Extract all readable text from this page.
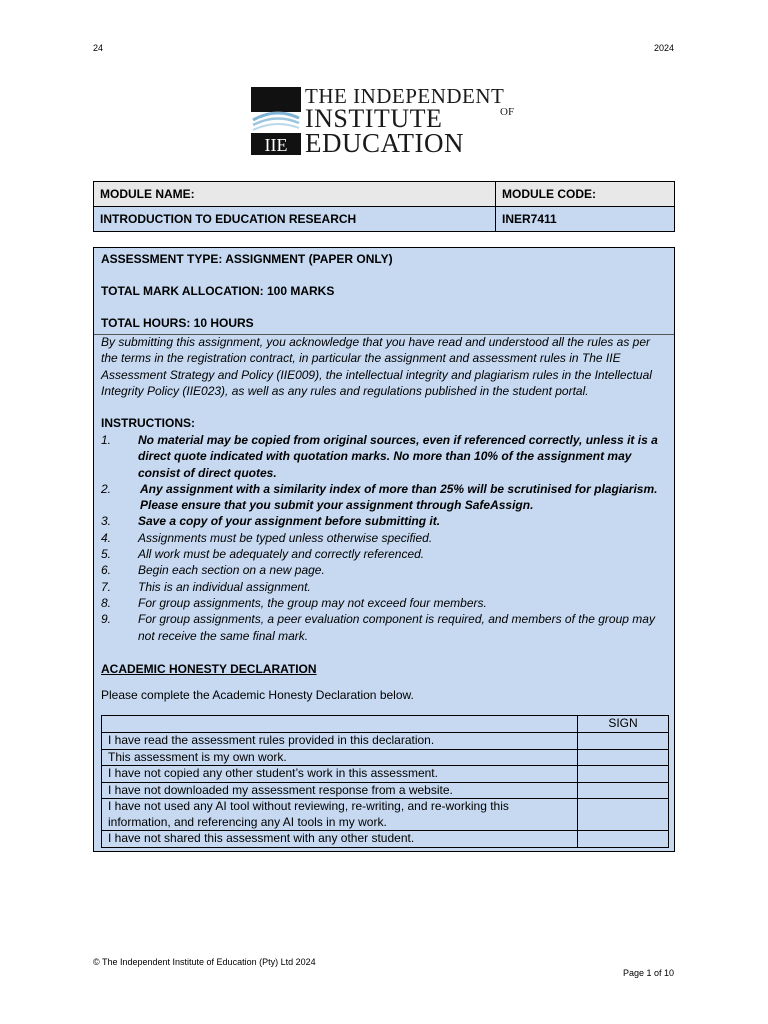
24	2024
IIE
THE INDEPENDENT
INSTITUTE	OF
EDUCATION
MODULE NAME:	MODULE CODE:
INTRODUCTION TO EDUCATION RESEARCH	INER7411
ASSESSMENT TYPE: ASSIGNMENT (PAPER ONLY)
TOTAL MARK ALLOCATION: 100 MARKS
TOTAL HOURS: 10 HOURS
By submitting this assignment, you acknowledge that you have read and understood all the rules as per the terms in the registration contract, in particular the assignment and assessment rules in The IIE Assessment Strategy and Policy (IIE009), the intellectual integrity and plagiarism rules in the Intellectual Integrity Policy (IIE023), as well as any rules and regulations published in the student portal.
INSTRUCTIONS:
1.	No material may be copied from original sources, even if referenced correctly, unless it is a direct quote indicated with quotation marks. No more than 10% of the assignment may consist of direct quotes.
2.	Any assignment with a similarity index of more than 25% will be scrutinised for plagiarism. Please ensure that you submit your assignment through SafeAssign.
3.	Save a copy of your assignment before submitting it.
4.	Assignments must be typed unless otherwise specified.
5.	All work must be adequately and correctly referenced.
6.	Begin each section on a new page.
7.	This is an individual assignment.
8.	For group assignments, the group may not exceed four members.
9.	For group assignments, a peer evaluation component is required, and members of the group may not receive the same final mark.
ACADEMIC HONESTY DECLARATION
Please complete the Academic Honesty Declaration below.
	SIGN
I have read the assessment rules provided in this declaration.	
This assessment is my own work.	
I have not copied any other student’s work in this assessment.	
I have not downloaded my assessment response from a website.	
I have not used any AI tool without reviewing, re-writing, and re-working this information, and referencing any AI tools in my work.	
I have not shared this assessment with any other student.	
© The Independent Institute of Education (Pty) Ltd 2024
Page 1 of 10
